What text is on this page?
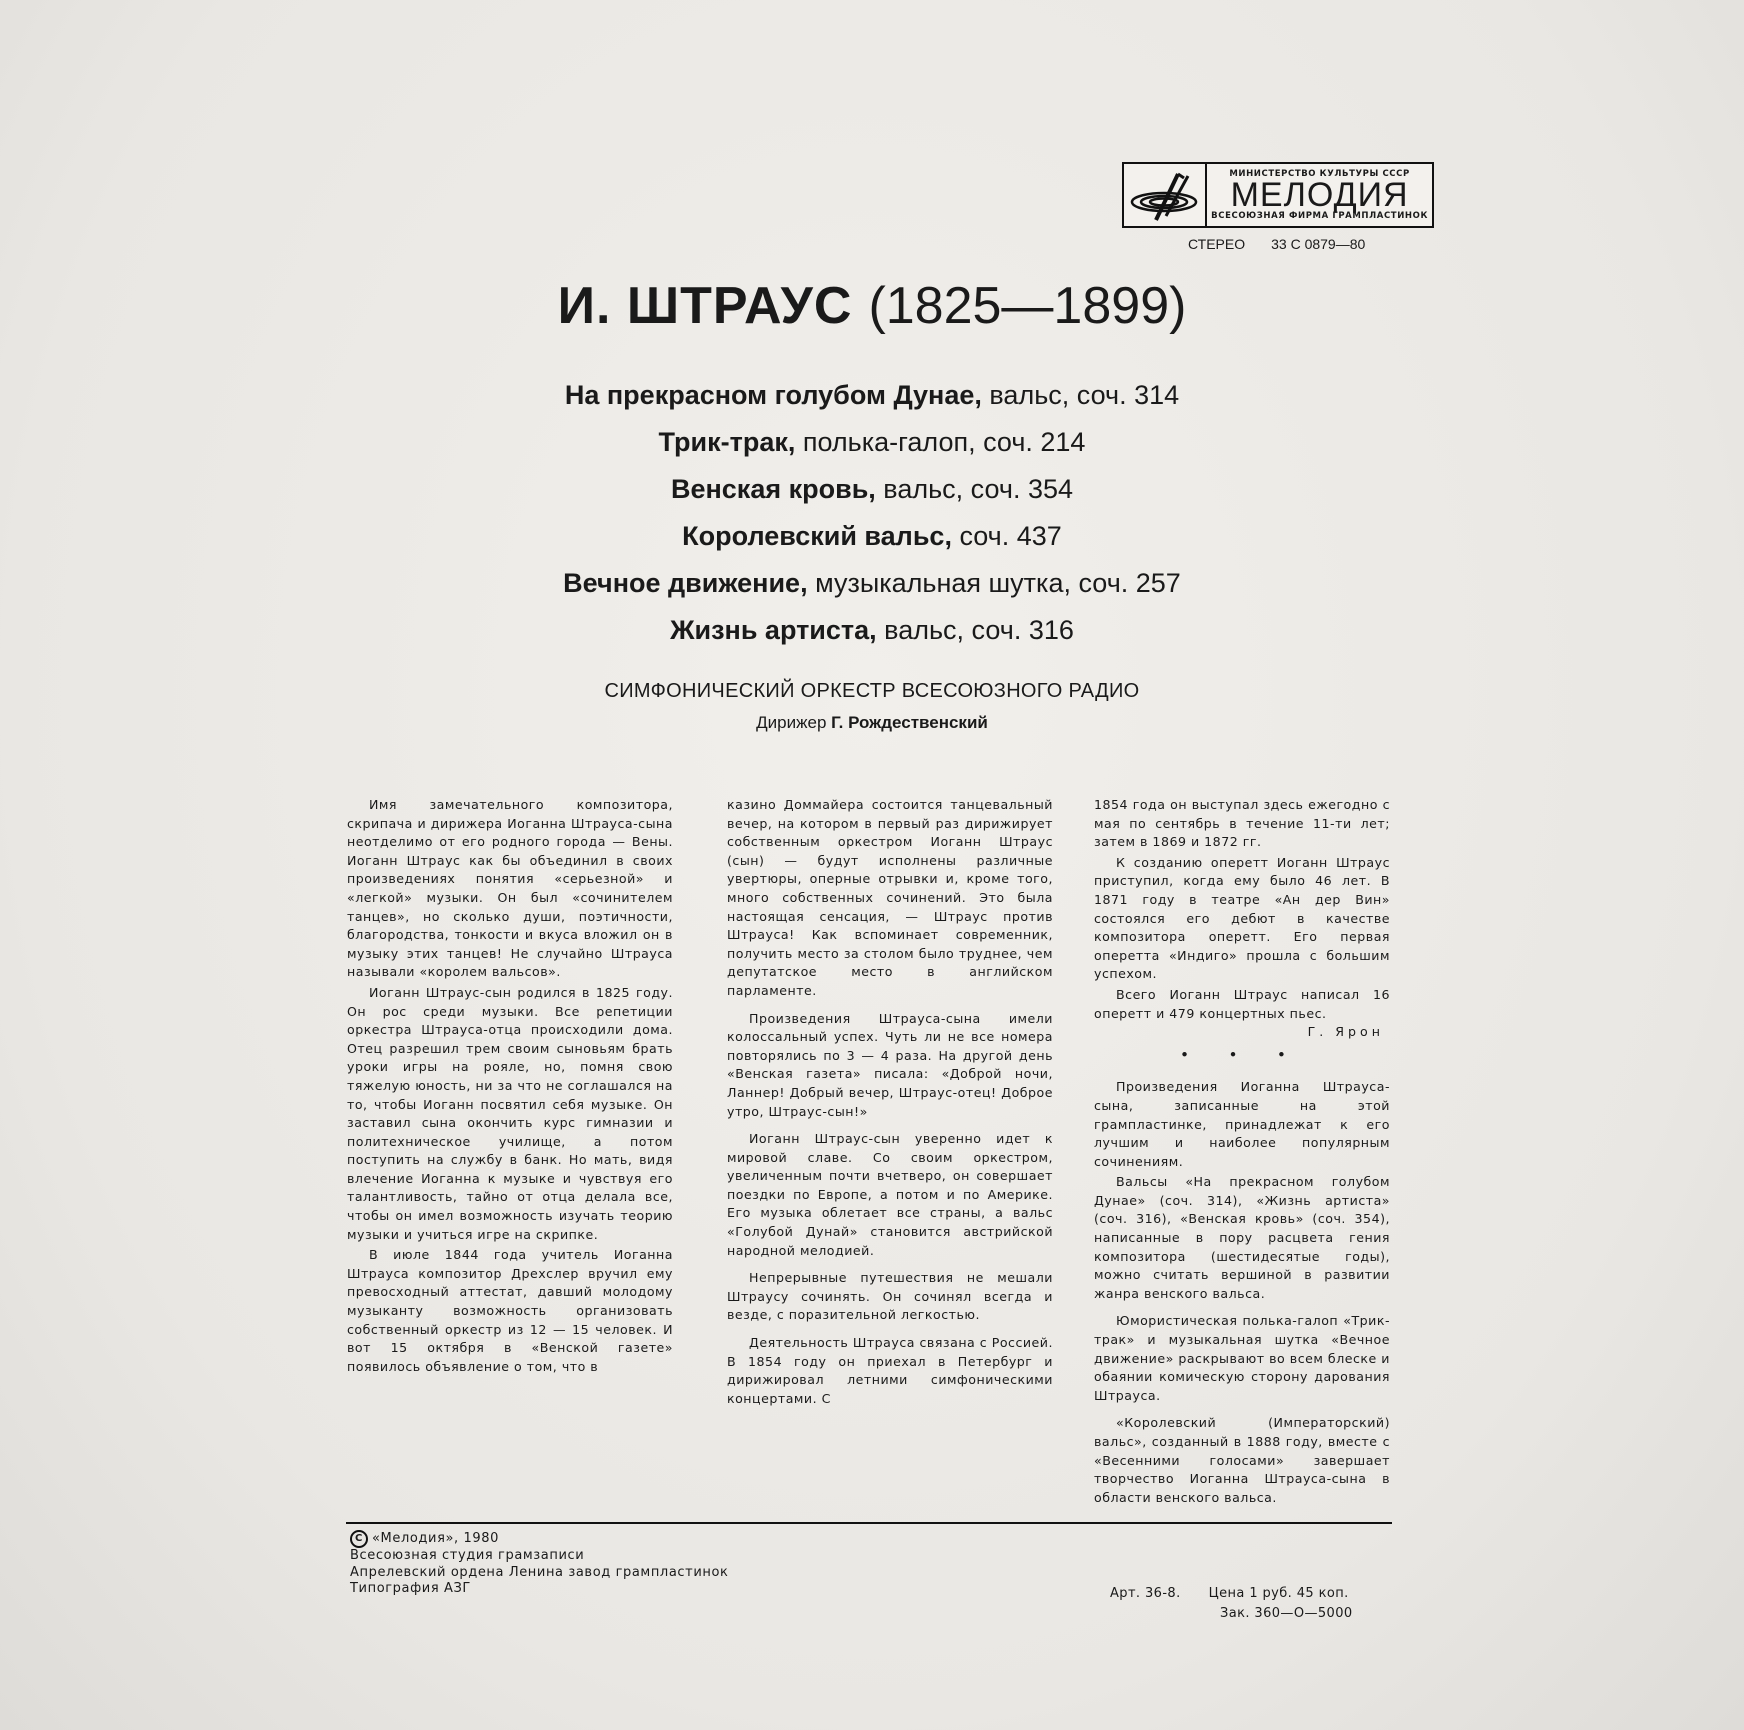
МИНИСТЕРСТВО КУЛЬТУРЫ СССР
МЕЛОДИЯ
ВСЕСОЮЗНАЯ ФИРМА ГРАМПЛАСТИНОК
СТЕРЕО 33 С 0879—80
И. ШТРАУС (1825—1899)
На прекрасном голубом Дунае, вальс, соч. 314
Трик-трак, полька-галоп, соч. 214
Венская кровь, вальс, соч. 354
Королевский вальс, соч. 437
Вечное движение, музыкальная шутка, соч. 257
Жизнь артиста, вальс, соч. 316
СИМФОНИЧЕСКИЙ ОРКЕСТР ВСЕСОЮЗНОГО РАДИО
Дирижер Г. Рождественский

Имя замечательного композитора, скрипача и дирижера Иоганна Штрауса-сына неотделимо от его родного города — Вены. Иоганн Штраус как бы объединил в своих произведениях понятия «серьезной» и «легкой» музыки. Он был «сочинителем танцев», но сколько души, поэтичности, благородства, тонкости и вкуса вложил он в музыку этих танцев! Не случайно Штрауса называли «королем вальсов».

Иоганн Штраус-сын родился в 1825 году. Он рос среди музыки. Все репетиции оркестра Штрауса-отца происходили дома. Отец разрешил трем своим сыновьям брать уроки игры на рояле, но, помня свою тяжелую юность, ни за что не соглашался на то, чтобы Иоганн посвятил себя музыке. Он заставил сына окончить курс гимназии и политехническое училище, а потом поступить на службу в банк. Но мать, видя влечение Иоганна к музыке и чувствуя его талантливость, тайно от отца делала все, чтобы он имел возможность изучать теорию музыки и учиться игре на скрипке.

В июле 1844 года учитель Иоганна Штрауса композитор Дрехслер вручил ему превосходный аттестат, давший молодому музыканту возможность организовать собственный оркестр из 12 — 15 человек. И вот 15 октября в «Венской газете» появилось объявление о том, что в

казино Доммайера состоится танцевальный вечер, на котором в первый раз дирижирует собственным оркестром Иоганн Штраус (сын) — будут исполнены различные увертюры, оперные отрывки и, кроме того, много собственных сочинений. Это была настоящая сенсация, — Штраус против Штрауса! Как вспоминает современник, получить место за столом было труднее, чем депутатское место в английском парламенте.

Произведения Штрауса-сына имели колоссальный успех. Чуть ли не все номера повторялись по 3 — 4 раза. На другой день «Венская газета» писала: «Доброй ночи, Ланнер! Добрый вечер, Штраус-отец! Доброе утро, Штраус-сын!»

Иоганн Штраус-сын уверенно идет к мировой славе. Со своим оркестром, увеличенным почти вчетверо, он совершает поездки по Европе, а потом и по Америке. Его музыка облетает все страны, а вальс «Голубой Дунай» становится австрийской народной мелодией.

Непрерывные путешествия не мешали Штраусу сочинять. Он сочинял всегда и везде, с поразительной легкостью.

Деятельность Штрауса связана с Россией. В 1854 году он приехал в Петербург и дирижировал летними симфоническими концертами. С

1854 года он выступал здесь ежегодно с мая по сентябрь в течение 11-ти лет; затем в 1869 и 1872 гг.

К созданию оперетт Иоганн Штраус приступил, когда ему было 46 лет. В 1871 году в театре «Ан дер Вин» состоялся его дебют в качестве композитора оперетт. Его первая оперетта «Индиго» прошла с большим успехом.

Всего Иоганн Штраус написал 16 оперетт и 479 концертных пьес.

Г. Ярон
• • •

Произведения Иоганна Штрауса-сына, записанные на этой грампластинке, принадлежат к его лучшим и наиболее популярным сочинениям.

Вальсы «На прекрасном голубом Дунае» (соч. 314), «Жизнь артиста» (соч. 316), «Венская кровь» (соч. 354), написанные в пору расцвета гения композитора (шестидесятые годы), можно считать вершиной в развитии жанра венского вальса.

Юмористическая полька-галоп «Трик-трак» и музыкальная шутка «Вечное движение» раскрывают во всем блеске и обаянии комическую сторону дарования Штрауса.

«Королевский (Императорский) вальс», созданный в 1888 году, вместе с «Весенними голосами» завершает творчество Иоганна Штрауса-сына в области венского вальса.

C «Мелодия», 1980
Всесоюзная студия грамзаписи
Апрелевский ордена Ленина завод грампластинок
Типография АЗГ	Арт. 36-8. Цена 1 руб. 45 коп.
Зак. 360—О—5000
